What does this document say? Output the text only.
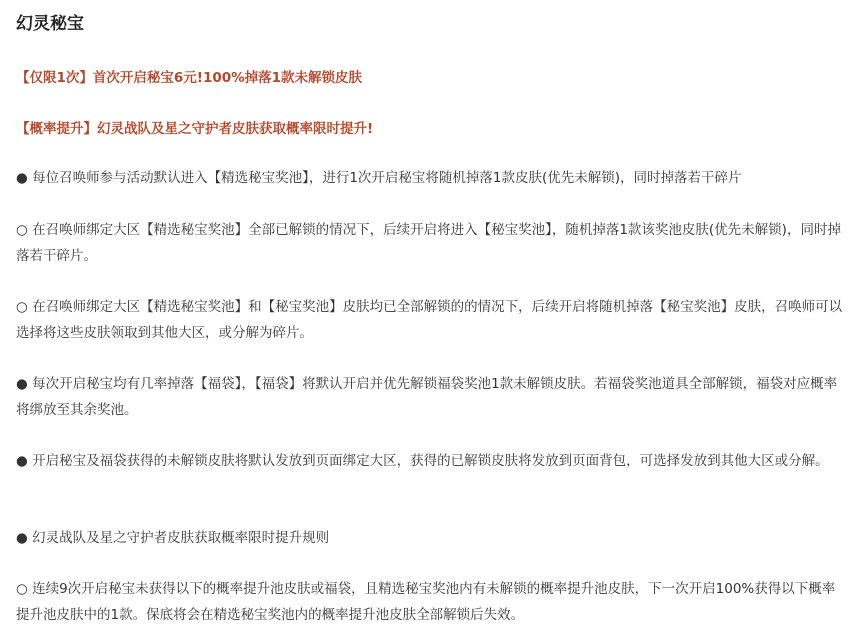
幻灵秘宝
【仅限1次】首次开启秘宝6元!100%掉落1款未解锁皮肤
【概率提升】幻灵战队及星之守护者皮肤获取概率限时提升!
● 每位召唤师参与活动默认进入【精选秘宝奖池】，进行1次开启秘宝将随机掉落1款皮肤(优先未解锁)，同时掉落若干碎片
○ 在召唤师绑定大区【精选秘宝奖池】全部已解锁的情况下，后续开启将进入【秘宝奖池】，随机掉落1款该奖池皮肤(优先未解锁)，同时掉落若干碎片。
○ 在召唤师绑定大区【精选秘宝奖池】和【秘宝奖池】皮肤均已全部解锁的的情况下，后续开启将随机掉落【秘宝奖池】皮肤，召唤师可以选择将这些皮肤领取到其他大区，或分解为碎片。
● 每次开启秘宝均有几率掉落【福袋】，【福袋】将默认开启并优先解锁福袋奖池1款未解锁皮肤。若福袋奖池道具全部解锁，福袋对应概率将绑放至其余奖池。
● 开启秘宝及福袋获得的未解锁皮肤将默认发放到页面绑定大区，获得的已解锁皮肤将发放到页面背包，可选择发放到其他大区或分解。
● 幻灵战队及星之守护者皮肤获取概率限时提升规则
○ 连续9次开启秘宝未获得以下的概率提升池皮肤或福袋，且精选秘宝奖池内有未解锁的概率提升池皮肤，下一次开启100%获得以下概率提升池皮肤中的1款。保底将会在精选秘宝奖池内的概率提升池皮肤全部解锁后失效。
